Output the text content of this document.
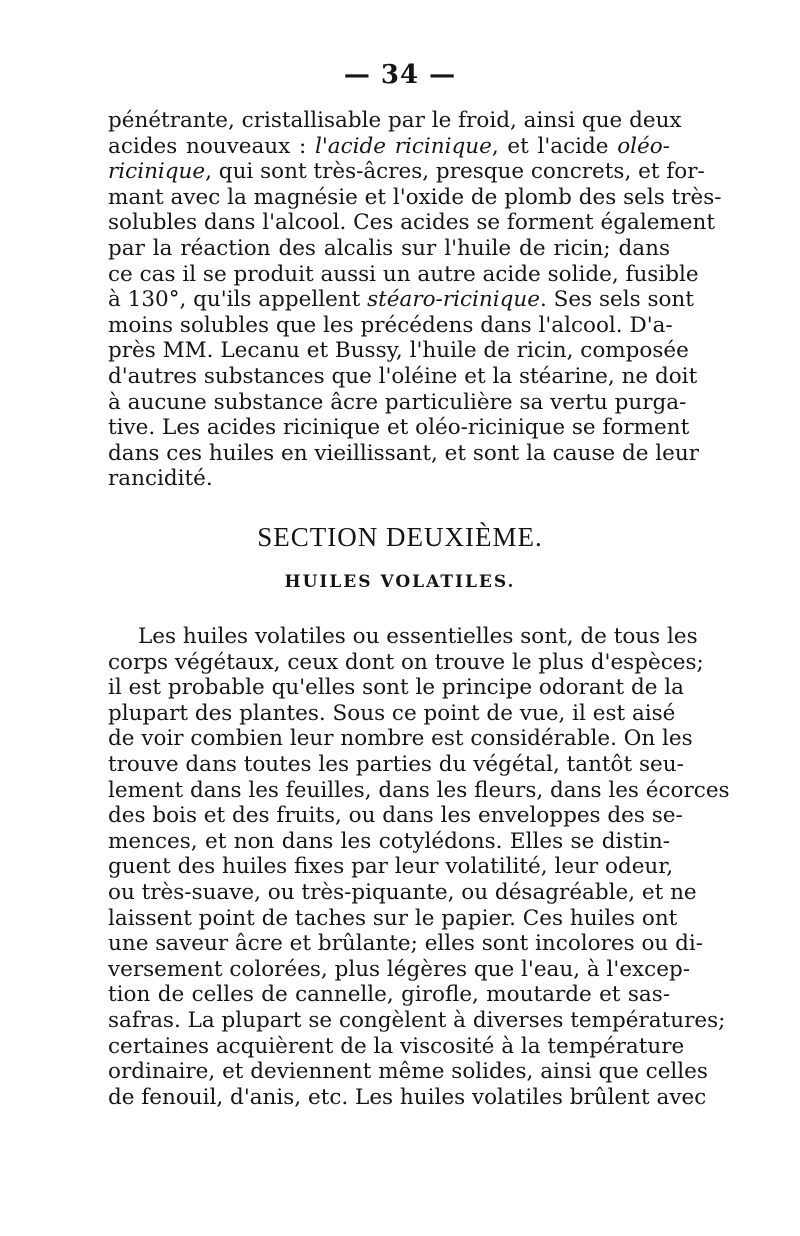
— 34 —
pénétrante, cristallisable par le froid, ainsi que deux
acides nouveaux : l'acide ricinique, et l'acide oléo-
ricinique, qui sont très-âcres, presque concrets, et for-
mant avec la magnésie et l'oxide de plomb des sels très-
solubles dans l'alcool. Ces acides se forment également
par la réaction des alcalis sur l'huile de ricin; dans
ce cas il se produit aussi un autre acide solide, fusible
à 130°, qu'ils appellent stéaro-ricinique. Ses sels sont
moins solubles que les précédens dans l'alcool. D'a-
près MM. Lecanu et Bussy, l'huile de ricin, composée
d'autres substances que l'oléine et la stéarine, ne doit
à aucune substance âcre particulière sa vertu purga-
tive. Les acides ricinique et oléo-ricinique se forment
dans ces huiles en vieillissant, et sont la cause de leur
rancidité.
SECTION DEUXIÈME.
HUILES VOLATILES.
Les huiles volatiles ou essentielles sont, de tous les
corps végétaux, ceux dont on trouve le plus d'espèces;
il est probable qu'elles sont le principe odorant de la
plupart des plantes. Sous ce point de vue, il est aisé
de voir combien leur nombre est considérable. On les
trouve dans toutes les parties du végétal, tantôt seu-
lement dans les feuilles, dans les fleurs, dans les écorces
des bois et des fruits, ou dans les enveloppes des se-
mences, et non dans les cotylédons. Elles se distin-
guent des huiles fixes par leur volatilité, leur odeur,
ou très-suave, ou très-piquante, ou désagréable, et ne
laissent point de taches sur le papier. Ces huiles ont
une saveur âcre et brûlante; elles sont incolores ou di-
versement colorées, plus légères que l'eau, à l'excep-
tion de celles de cannelle, girofle, moutarde et sas-
safras. La plupart se congèlent à diverses températures;
certaines acquièrent de la viscosité à la température
ordinaire, et deviennent même solides, ainsi que celles
de fenouil, d'anis, etc. Les huiles volatiles brûlent avec
